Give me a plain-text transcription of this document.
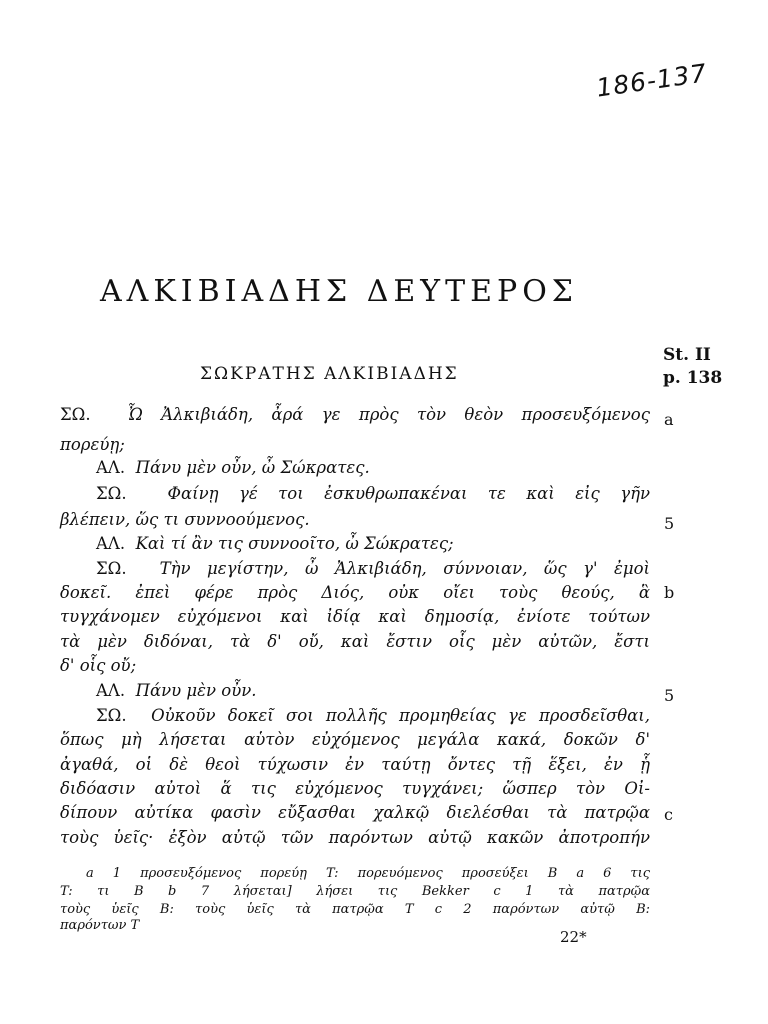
186-137
ΑΛΚΙΒΙΑΔΗΣ ΔΕΥΤΕΡΟΣ
St. II
p. 138
ΣΩΚΡΑΤΗΣ ΑΛΚΙΒΙΑΔΗΣ
ΣΩ. Ὦ Ἀλκιβιάδη, ἆρά γε πρὸς τὸν θεὸν προσευξόμενος
πορεύῃ;
ΑΛ. Πάνυ μὲν οὖν, ὦ Σώκρατες.
ΣΩ. Φαίνῃ γέ τοι ἐσκυθρωπακέναι τε καὶ εἰς γῆν
βλέπειν, ὥς τι συννοούμενος.
ΑΛ. Καὶ τί ἂν τις συννοοῖτο, ὦ Σώκρατες;
ΣΩ. Τὴν μεγίστην, ὦ Ἀλκιβιάδη, σύννοιαν, ὥς γ' ἐμοὶ
δοκεῖ. ἐπεὶ φέρε πρὸς Διός, οὐκ οἴει τοὺς θεούς, ἃ
τυγχάνομεν εὐχόμενοι καὶ ἰδίᾳ καὶ δημοσίᾳ, ἐνίοτε τούτων
τὰ μὲν διδόναι, τὰ δ' οὔ, καὶ ἔστιν οἷς μὲν αὐτῶν, ἔστι
δ' οἷς οὔ;
ΑΛ. Πάνυ μὲν οὖν.
ΣΩ. Οὐκοῦν δοκεῖ σοι πολλῆς προμηθείας γε προσδεῖσθαι,
ὅπως μὴ λήσεται αὑτὸν εὐχόμενος μεγάλα κακά, δοκῶν δ'
ἀγαθά, οἱ δὲ θεοὶ τύχωσιν ἐν ταύτῃ ὄντες τῇ ἕξει, ἐν ᾗ
διδόασιν αὐτοὶ ἅ τις εὐχόμενος τυγχάνει; ὥσπερ τὸν Οἰ-
δίπουν αὐτίκα φασὶν εὔξασθαι χαλκῷ διελέσθαι τὰ πατρῷα
τοὺς ὑεῖς· ἐξὸν αὐτῷ τῶν παρόντων αὐτῷ κακῶν ἀποτροπήν
a
5
b
5
c
a 1 προσευξόμενος πορεύῃ T: πορευόμενος προσεύξει B a 6 τις
T: τι B b 7 λήσεται] λήσει τις Bekker c 1 τὰ πατρῷα
τοὺς ὑεῖς B: τοὺς ὑεῖς τὰ πατρῷα T c 2 παρόντων αὐτῷ B:
παρόντων T
22*
